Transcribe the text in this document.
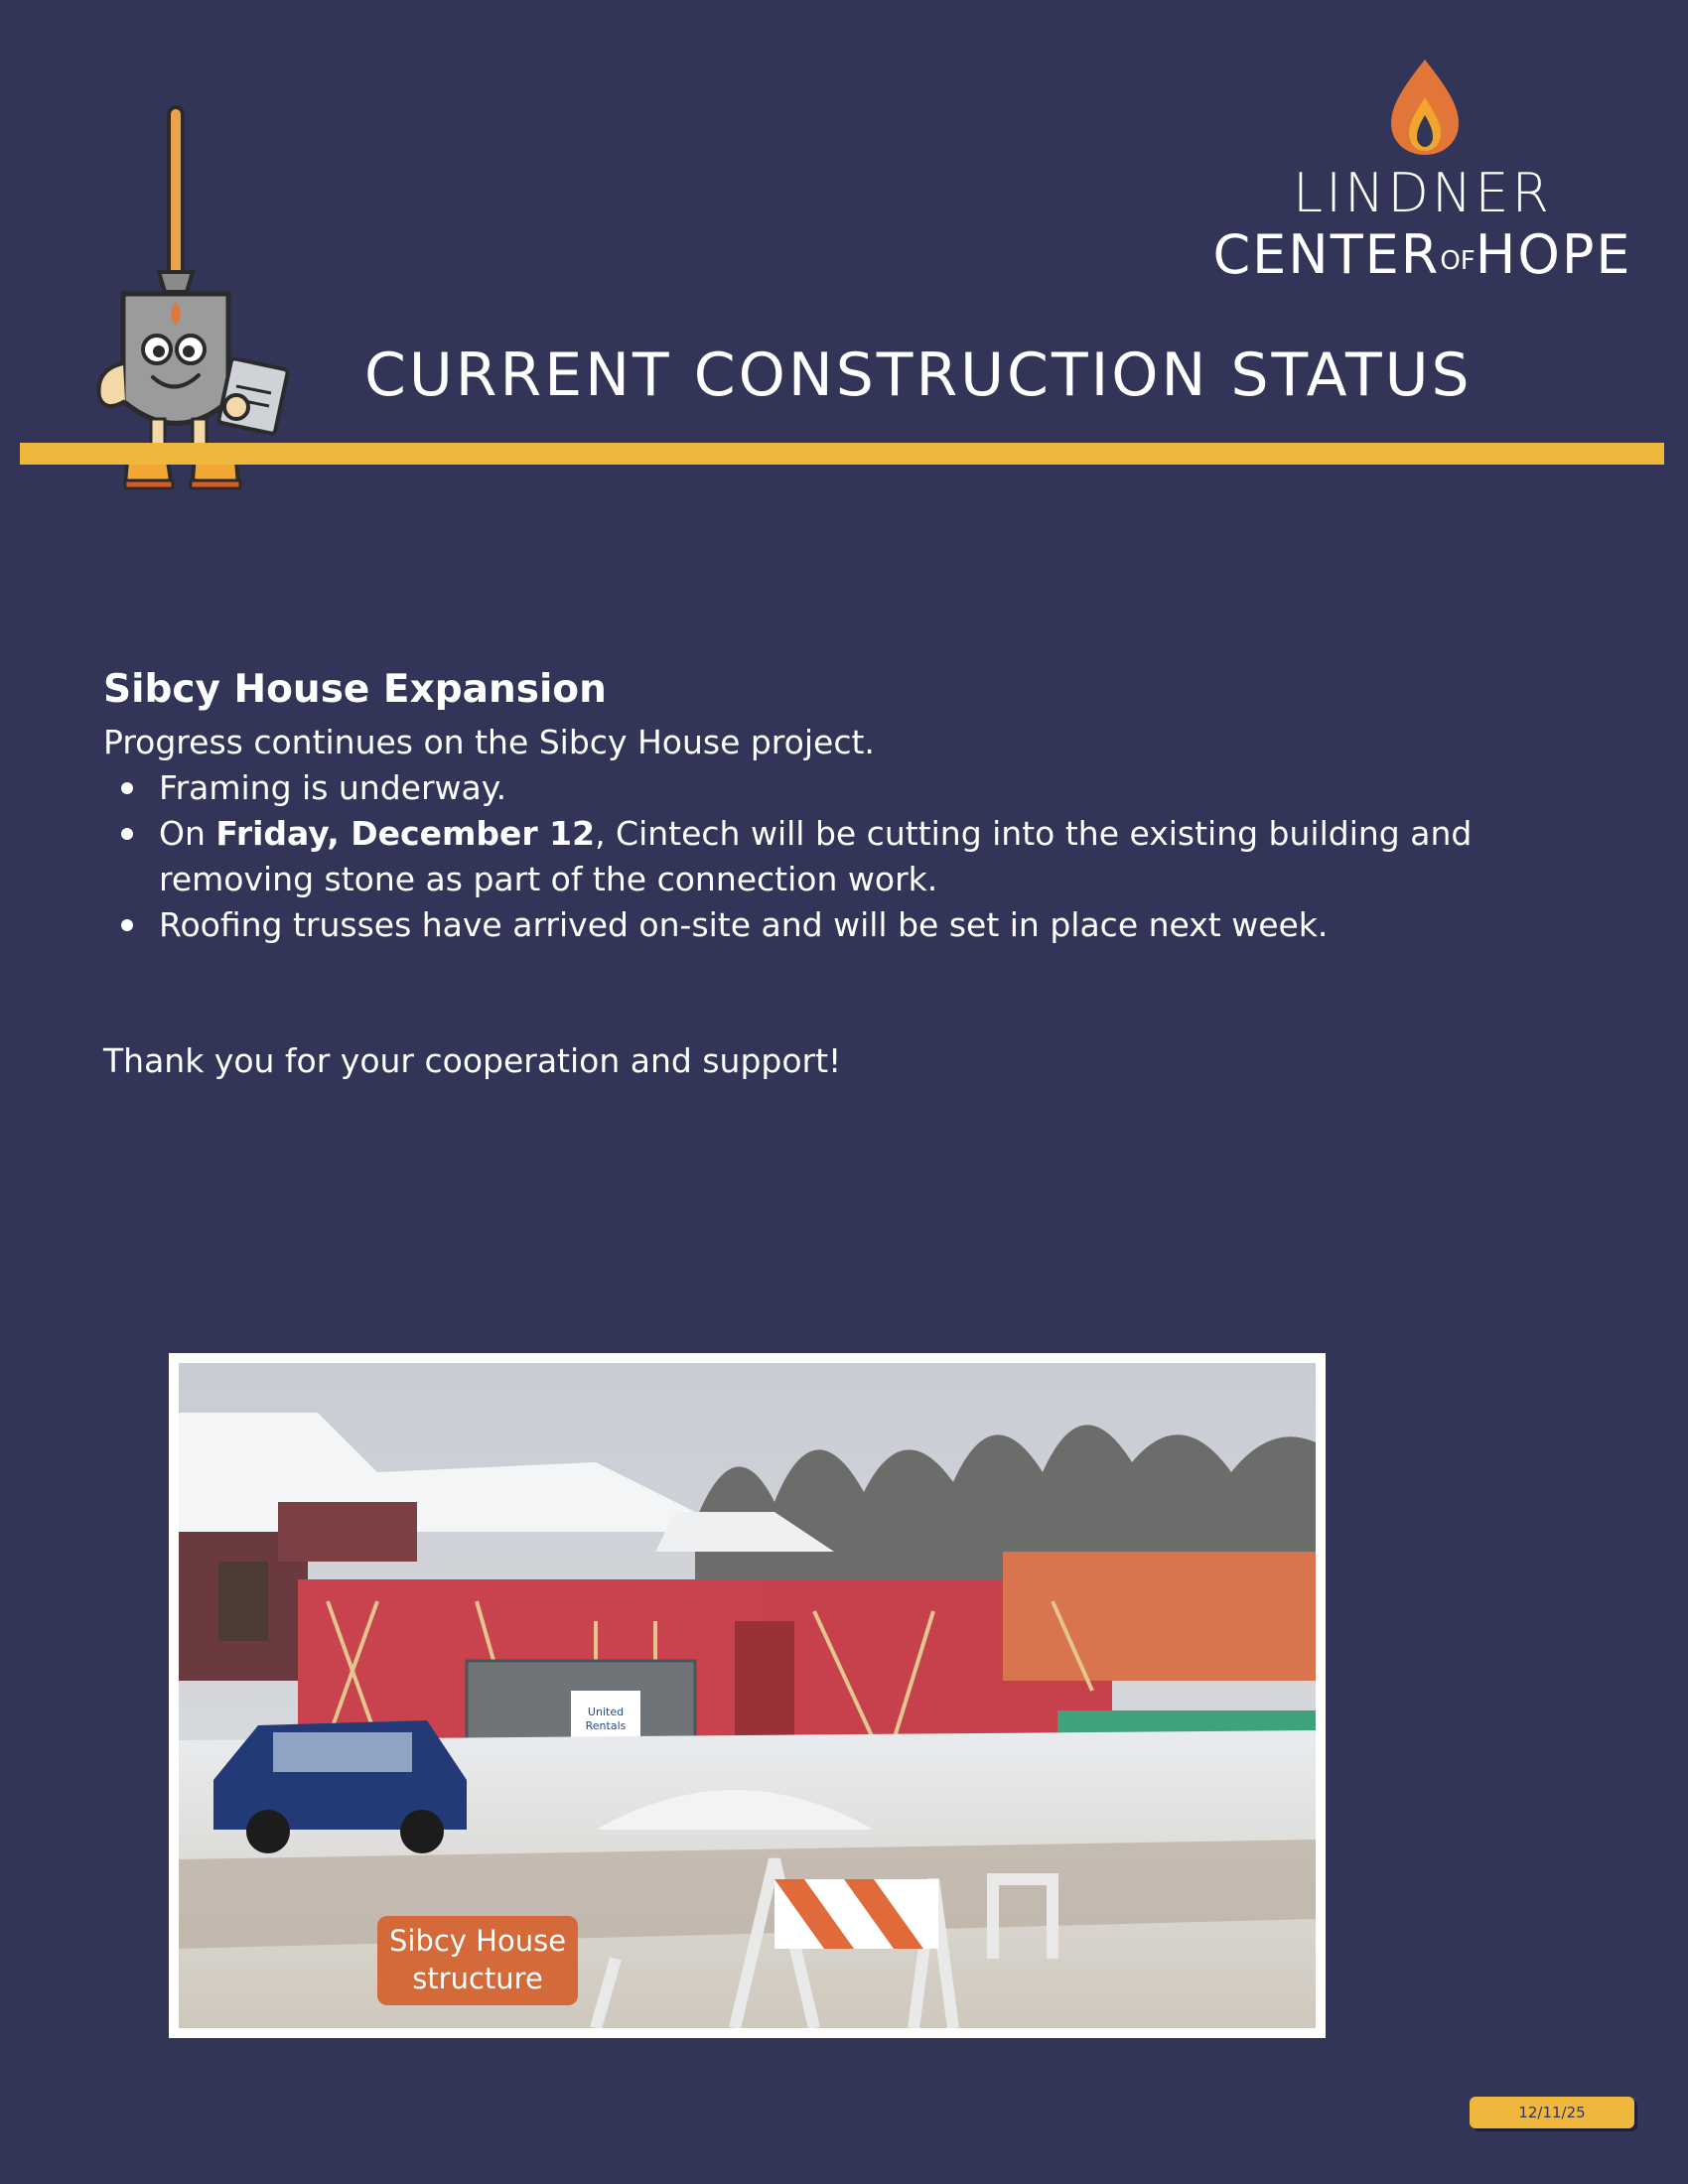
LINDNER
CENTEROFHOPE
CURRENT CONSTRUCTION STATUS
Sibcy House Expansion

Progress continues on the Sibcy House project.

Framing is underway.
On Friday, December 12, Cintech will be cutting into the existing building and removing stone as part of the connection work.
Roofing trusses have arrived on-site and will be set in place next week.
Thank you for your cooperation and support!
United
Rentals
Sibcy House
structure
12/11/25
